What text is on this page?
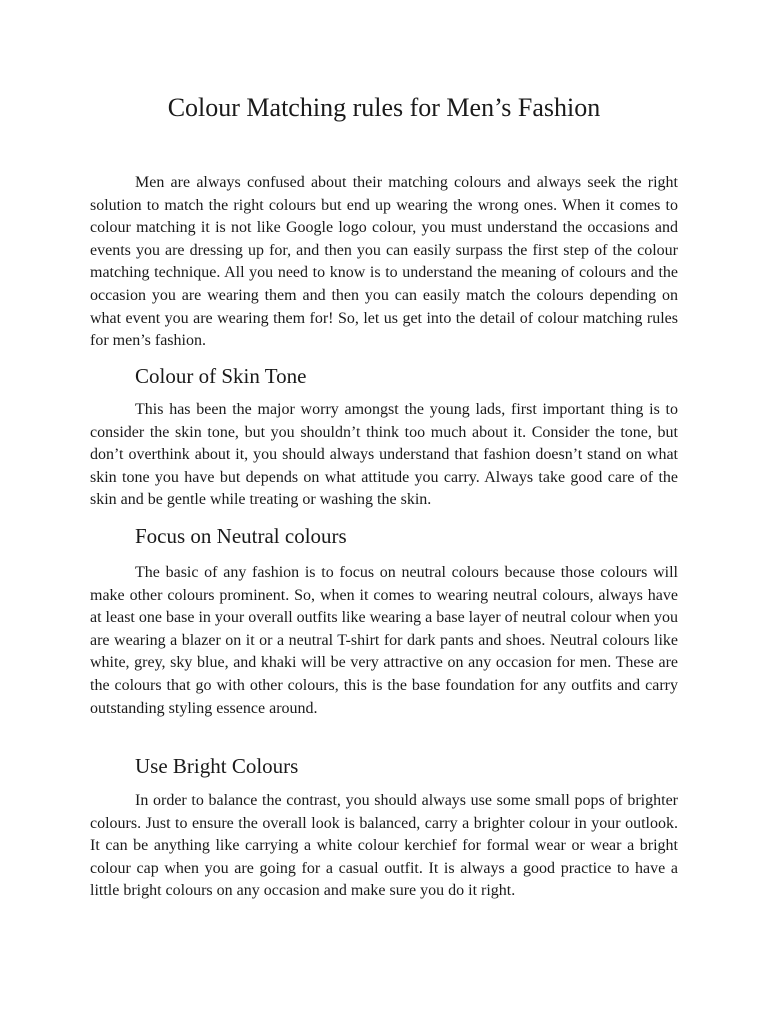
Colour Matching rules for Men’s Fashion

Men are always confused about their matching colours and always seek the right solution to match the right colours but end up wearing the wrong ones. When it comes to colour matching it is not like Google logo colour, you must understand the occasions and events you are dressing up for, and then you can easily surpass the first step of the colour matching technique. All you need to know is to understand the meaning of colours and the occasion you are wearing them and then you can easily match the colours depending on what event you are wearing them for! So, let us get into the detail of colour matching rules for men’s fashion.

Colour of Skin Tone

This has been the major worry amongst the young lads, first important thing is to consider the skin tone, but you shouldn’t think too much about it. Consider the tone, but don’t overthink about it, you should always understand that fashion doesn’t stand on what skin tone you have but depends on what attitude you carry. Always take good care of the skin and be gentle while treating or washing the skin.

Focus on Neutral colours

The basic of any fashion is to focus on neutral colours because those colours will make other colours prominent. So, when it comes to wearing neutral colours, always have at least one base in your overall outfits like wearing a base layer of neutral colour when you are wearing a blazer on it or a neutral T-shirt for dark pants and shoes. Neutral colours like white, grey, sky blue, and khaki will be very attractive on any occasion for men. These are the colours that go with other colours, this is the base foundation for any outfits and carry outstanding styling essence around.

Use Bright Colours

In order to balance the contrast, you should always use some small pops of brighter colours. Just to ensure the overall look is balanced, carry a brighter colour in your outlook. It can be anything like carrying a white colour kerchief for formal wear or wear a bright colour cap when you are going for a casual outfit. It is always a good practice to have a little bright colours on any occasion and make sure you do it right.
